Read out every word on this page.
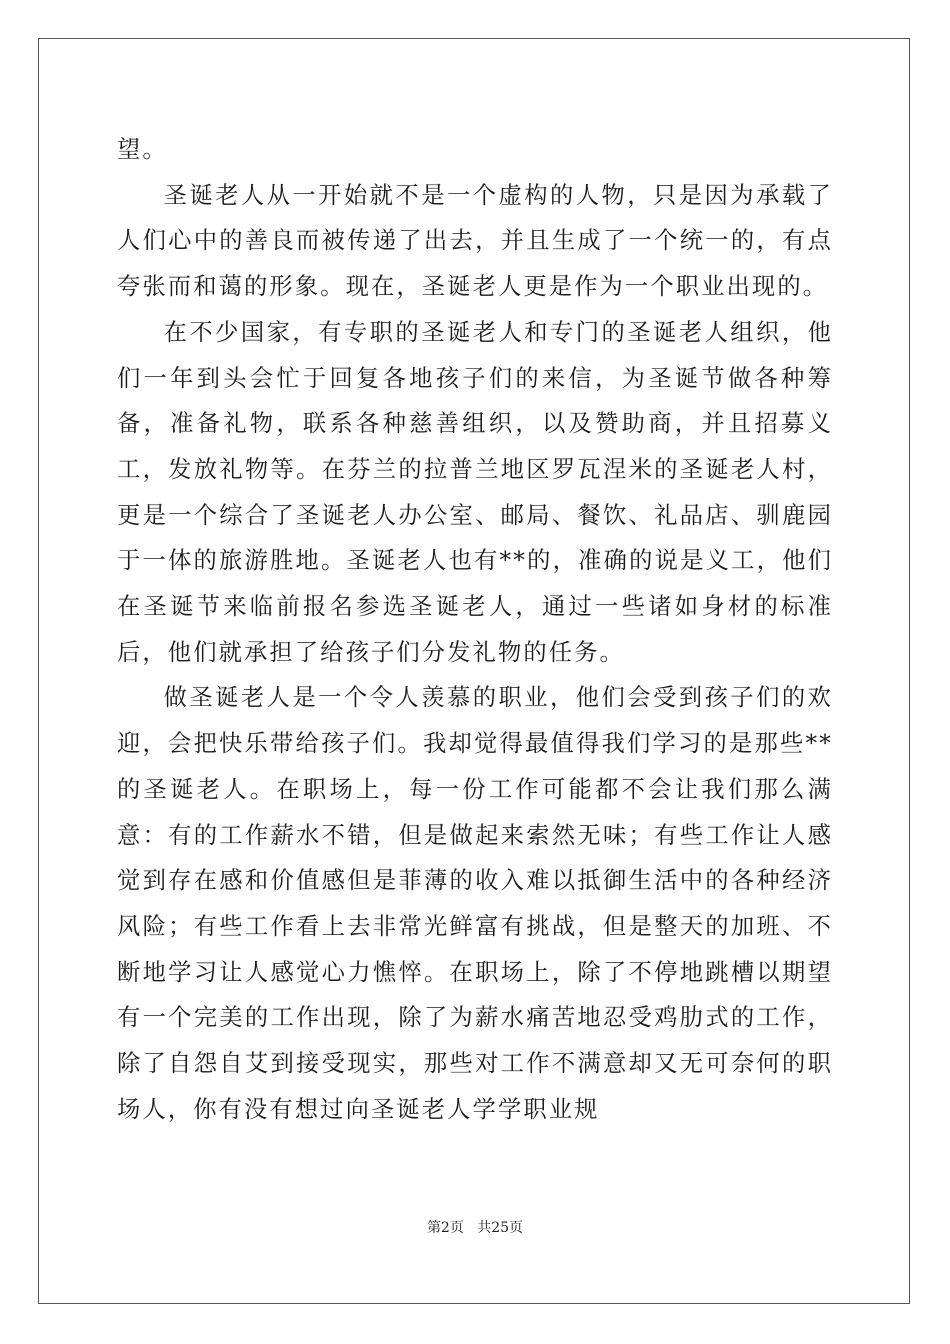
望。

圣诞老人从一开始就不是一个虚构的人物，只是因为承载了人们心中的善良而被传递了出去，并且生成了一个统一的，有点夸张而和蔼的形象。现在，圣诞老人更是作为一个职业出现的。

在不少国家，有专职的圣诞老人和专门的圣诞老人组织，他们一年到头会忙于回复各地孩子们的来信，为圣诞节做各种筹备，准备礼物，联系各种慈善组织，以及赞助商，并且招募义工，发放礼物等。在芬兰的拉普兰地区罗瓦涅米的圣诞老人村，更是一个综合了圣诞老人办公室、邮局、餐饮、礼品店、驯鹿园于一体的旅游胜地。圣诞老人也有**的，准确的说是义工，他们在圣诞节来临前报名参选圣诞老人，通过一些诸如身材的标准后，他们就承担了给孩子们分发礼物的任务。

做圣诞老人是一个令人羡慕的职业，他们会受到孩子们的欢迎，会把快乐带给孩子们。我却觉得最值得我们学习的是那些**的圣诞老人。在职场上，每一份工作可能都不会让我们那么满意：有的工作薪水不错，但是做起来索然无味；有些工作让人感觉到存在感和价值感但是菲薄的收入难以抵御生活中的各种经济风险；有些工作看上去非常光鲜富有挑战，但是整天的加班、不断地学习让人感觉心力憔悴。在职场上，除了不停地跳槽以期望有一个完美的工作出现，除了为薪水痛苦地忍受鸡肋式的工作，除了自怨自艾到接受现实，那些对工作不满意却又无可奈何的职场人，你有没有想过向圣诞老人学学职业规

第2页 共25页
